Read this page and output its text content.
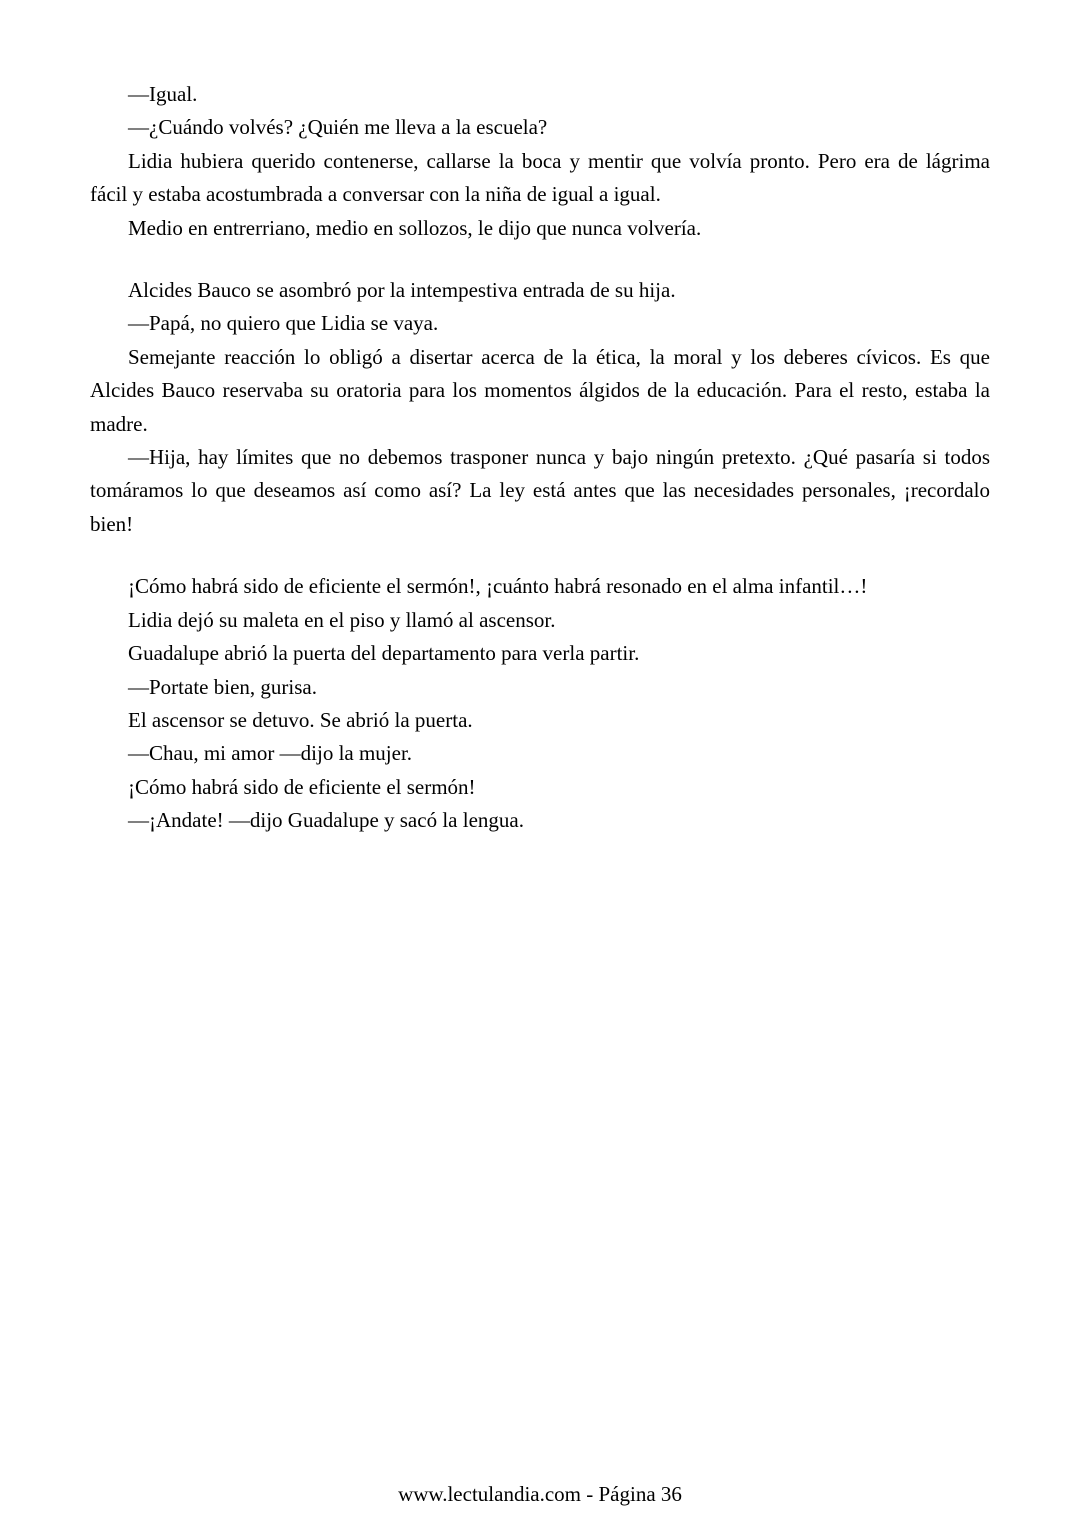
—Igual.

—¿Cuándo volvés? ¿Quién me lleva a la escuela?

Lidia hubiera querido contenerse, callarse la boca y mentir que volvía pronto. Pero era de lágrima fácil y estaba acostumbrada a conversar con la niña de igual a igual.

Medio en entrerriano, medio en sollozos, le dijo que nunca volvería.

Alcides Bauco se asombró por la intempestiva entrada de su hija.

—Papá, no quiero que Lidia se vaya.

Semejante reacción lo obligó a disertar acerca de la ética, la moral y los deberes cívicos. Es que Alcides Bauco reservaba su oratoria para los momentos álgidos de la educación. Para el resto, estaba la madre.

—Hija, hay límites que no debemos trasponer nunca y bajo ningún pretexto. ¿Qué pasaría si todos tomáramos lo que deseamos así como así? La ley está antes que las necesidades personales, ¡recordalo bien!

¡Cómo habrá sido de eficiente el sermón!, ¡cuánto habrá resonado en el alma infantil…!

Lidia dejó su maleta en el piso y llamó al ascensor.

Guadalupe abrió la puerta del departamento para verla partir.

—Portate bien, gurisa.

El ascensor se detuvo. Se abrió la puerta.

—Chau, mi amor —dijo la mujer.

¡Cómo habrá sido de eficiente el sermón!

—¡Andate! —dijo Guadalupe y sacó la lengua.

www.lectulandia.com - Página 36
